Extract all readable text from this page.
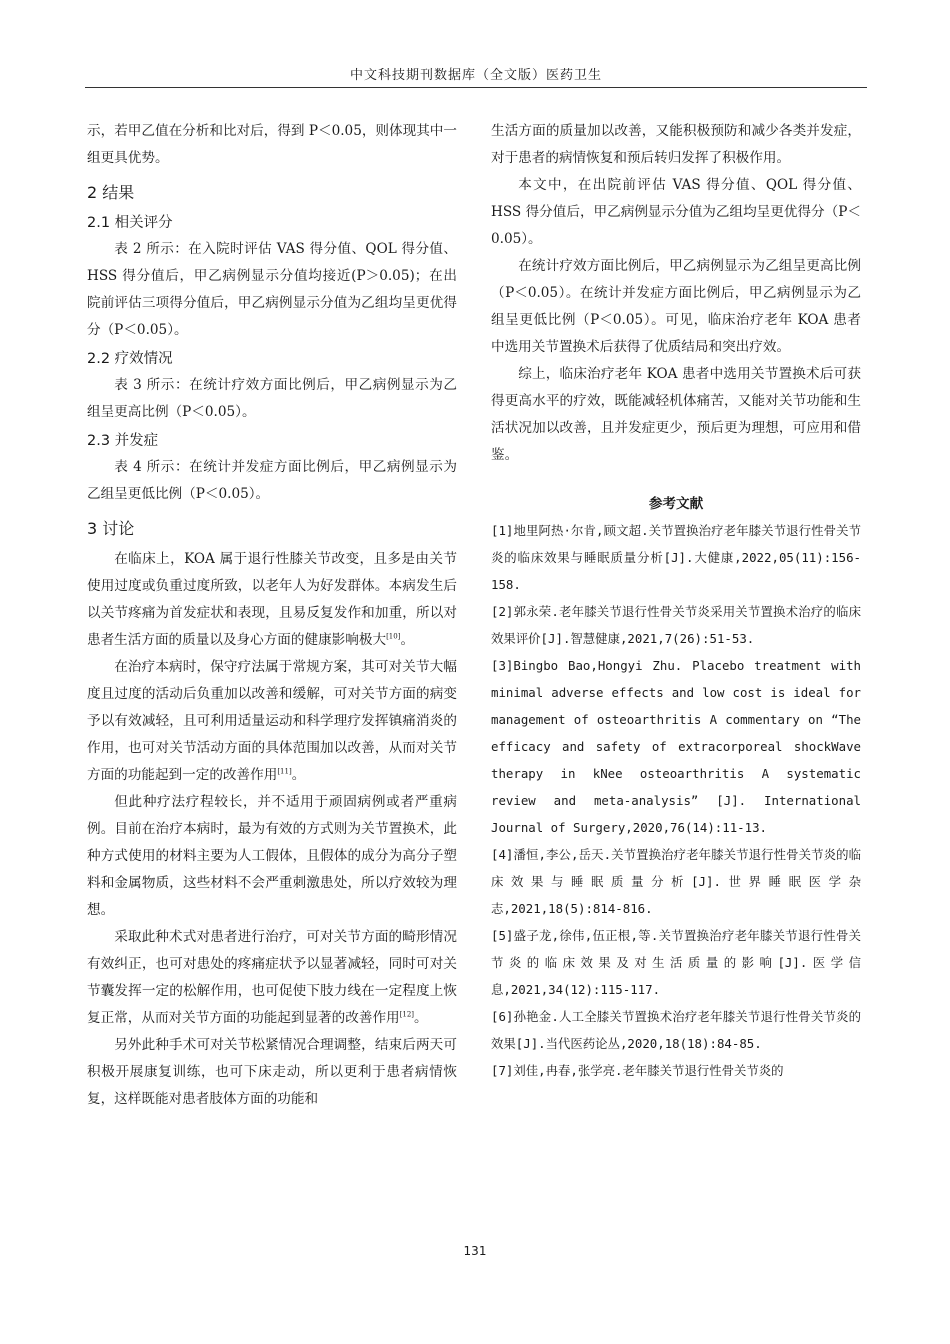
中文科技期刊数据库（全文版）医药卫生

示，若甲乙值在分析和比对后，得到 P＜0.05，则体现其中一组更具优势。

2 结果
2.1 相关评分

表 2 所示：在入院时评估 VAS 得分值、QOL 得分值、HSS 得分值后，甲乙病例显示分值均接近(P＞0.05)；在出院前评估三项得分值后，甲乙病例显示分值为乙组均呈更优得分（P＜0.05）。

2.2 疗效情况

表 3 所示：在统计疗效方面比例后，甲乙病例显示为乙组呈更高比例（P＜0.05）。

2.3 并发症

表 4 所示：在统计并发症方面比例后，甲乙病例显示为乙组呈更低比例（P＜0.05）。

3 讨论

在临床上，KOA 属于退行性膝关节改变，且多是由关节使用过度或负重过度所致，以老年人为好发群体。本病发生后以关节疼痛为首发症状和表现，且易反复发作和加重，所以对患者生活方面的质量以及身心方面的健康影响极大[10]。

在治疗本病时，保守疗法属于常规方案，其可对关节大幅度且过度的活动后负重加以改善和缓解，可对关节方面的病变予以有效减轻，且可利用适量运动和科学理疗发挥镇痛消炎的作用，也可对关节活动方面的具体范围加以改善，从而对关节方面的功能起到一定的改善作用[11]。

但此种疗法疗程较长，并不适用于顽固病例或者严重病例。目前在治疗本病时，最为有效的方式则为关节置换术，此种方式使用的材料主要为人工假体，且假体的成分为高分子塑料和金属物质，这些材料不会严重刺激患处，所以疗效较为理想。

采取此种术式对患者进行治疗，可对关节方面的畸形情况有效纠正，也可对患处的疼痛症状予以显著减轻，同时可对关节囊发挥一定的松解作用，也可促使下肢力线在一定程度上恢复正常，从而对关节方面的功能起到显著的改善作用[12]。

另外此种手术可对关节松紧情况合理调整，结束后两天可积极开展康复训练，也可下床走动，所以更利于患者病情恢复，这样既能对患者肢体方面的功能和

生活方面的质量加以改善，又能积极预防和减少各类并发症，对于患者的病情恢复和预后转归发挥了积极作用。

本文中，在出院前评估 VAS 得分值、QOL 得分值、HSS 得分值后，甲乙病例显示分值为乙组均呈更优得分（P＜0.05）。

在统计疗效方面比例后，甲乙病例显示为乙组呈更高比例（P＜0.05）。在统计并发症方面比例后，甲乙病例显示为乙组呈更低比例（P＜0.05）。可见，临床治疗老年 KOA 患者中选用关节置换术后获得了优质结局和突出疗效。

综上，临床治疗老年 KOA 患者中选用关节置换术后可获得更高水平的疗效，既能减轻机体痛苦，又能对关节功能和生活状况加以改善，且并发症更少，预后更为理想，可应用和借鉴。

参考文献

[1]地里阿热·尔肯,顾文超.关节置换治疗老年膝关节退行性骨关节炎的临床效果与睡眠质量分析[J].大健康,2022,05(11):156-158.

[2]郭永荣.老年膝关节退行性骨关节炎采用关节置换术治疗的临床效果评价[J].智慧健康,2021,7(26):51-53.

[3]Bingbo Bao,Hongyi Zhu. Placebo treatment with minimal adverse effects and low cost is ideal for management of osteoarthritis A commentary on “The efficacy and safety of extracorporeal shockWave therapy in kNee osteoarthritis A systematic review and meta-analysis” [J]. International Journal of Surgery,2020,76(14):11-13.

[4]潘恒,李公,岳天.关节置换治疗老年膝关节退行性骨关节炎的临床效果与睡眠质量分析[J].世界睡眠医学杂志,2021,18(5):814-816.

[5]盛子龙,徐伟,伍正根,等.关节置换治疗老年膝关节退行性骨关节炎的临床效果及对生活质量的影响[J].医学信息,2021,34(12):115-117.

[6]孙艳金.人工全膝关节置换术治疗老年膝关节退行性骨关节炎的效果[J].当代医药论丛,2020,18(18):84-85.

[7]刘佳,冉春,张学亮.老年膝关节退行性骨关节炎的

131
